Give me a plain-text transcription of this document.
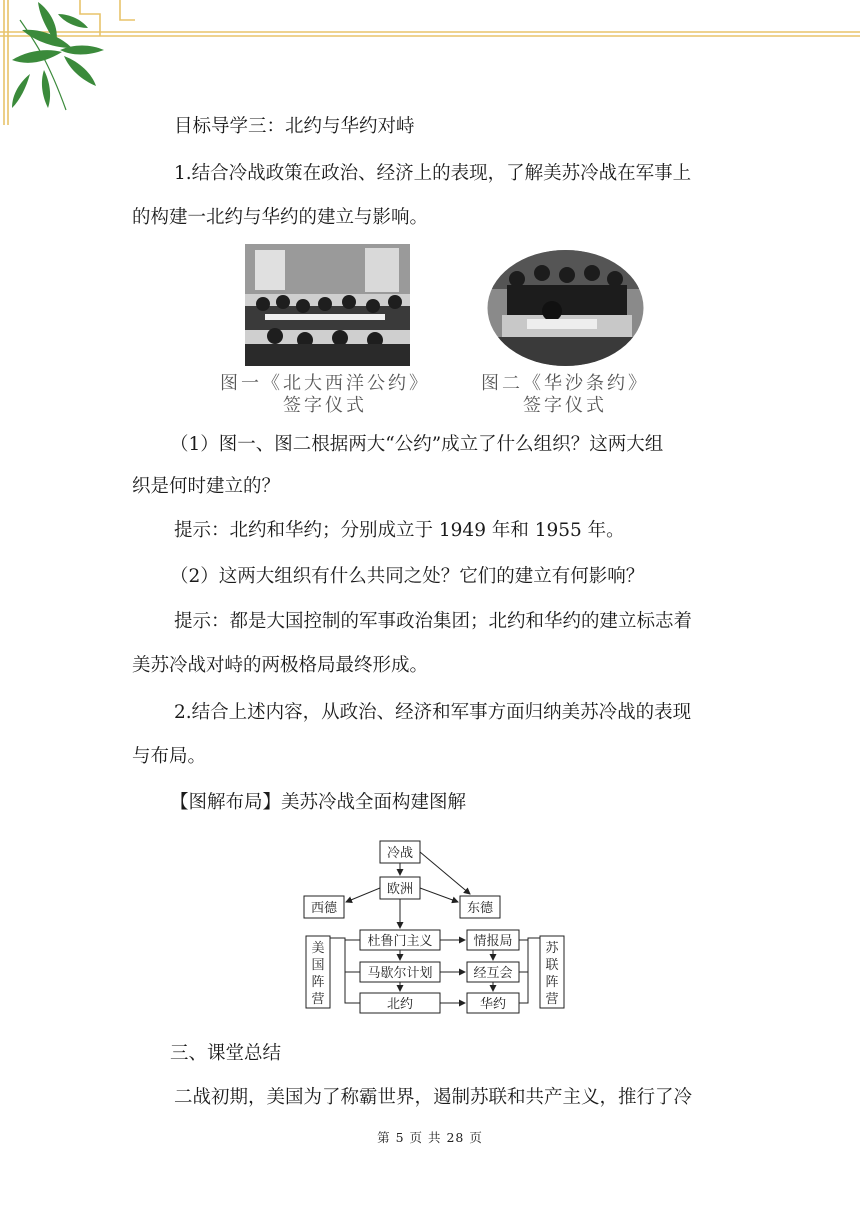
目标导学三：北约与华约对峙

1.结合冷战政策在政治、经济上的表现，了解美苏冷战在军事上

的构建一北约与华约的建立与影响。

图一《北大西洋公约》
签字仪式
图二《华沙条约》
签字仪式

（1）图一、图二根据两大“公约”成立了什么组织？这两大组

织是何时建立的？

提示：北约和华约；分别成立于 1949 年和 1955 年。

（2）这两大组织有什么共同之处？它们的建立有何影响？

提示：都是大国控制的军事政治集团；北约和华约的建立标志着

美苏冷战对峙的两极格局最终形成。

2.结合上述内容，从政治、经济和军事方面归纳美苏冷战的表现

与布局。

【图解布局】美苏冷战全面构建图解

冷战
欧洲
西德	东德
杜鲁门主义
马歇尔计划
北约
情报局
经互会
华约
美
国
阵
营
苏
联
阵
营

三、课堂总结

二战初期，美国为了称霸世界，遏制苏联和共产主义，推行了冷

第 5 页 共 28 页
